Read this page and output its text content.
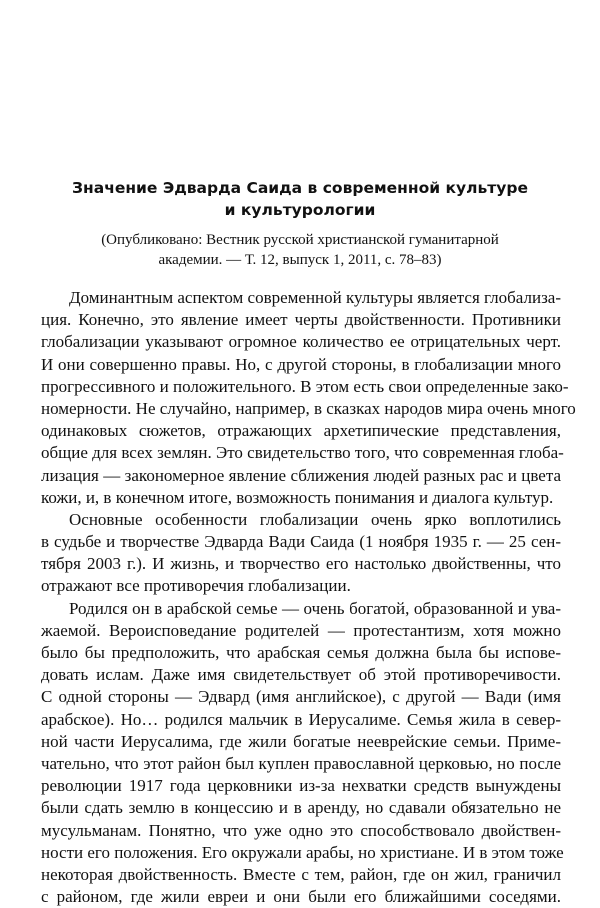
Значение Эдварда Саида в современной культуре
и культурологии

(Опубликовано: Вестник русской христианской гуманитарной
академии. — Т. 12, выпуск 1, 2011, с. 78–83)

Доминантным аспектом современной культуры является глобализа-
ция. Конечно, это явление имеет черты двойственности. Противники
глобализации указывают огромное количество ее отрицательных черт.
И они совершенно правы. Но, с другой стороны, в глобализации много
прогрессивного и положительного. В этом есть свои определенные зако-
номерности. Не случайно, например, в сказках народов мира очень много
одинаковых сюжетов, отражающих архетипические представления,
общие для всех землян. Это свидетельство того, что современная глоба-
лизация — закономерное явление сближения людей разных рас и цвета
кожи, и, в конечном итоге, возможность понимания и диалога культур.

Основные особенности глобализации очень ярко воплотились
в судьбе и творчестве Эдварда Вади Саида (1 ноября 1935 г. — 25 сен-
тября 2003 г.). И жизнь, и творчество его настолько двойственны, что
отражают все противоречия глобализации.

Родился он в арабской семье — очень богатой, образованной и ува-
жаемой. Вероисповедание родителей — протестантизм, хотя можно
было бы предположить, что арабская семья должна была бы испове-
довать ислам. Даже имя свидетельствует об этой противоречивости.
С одной стороны — Эдвард (имя английское), с другой — Вади (имя
арабское). Но… родился мальчик в Иерусалиме. Семья жила в север-
ной части Иерусалима, где жили богатые нееврейские семьи. Приме-
чательно, что этот район был куплен православной церковью, но после
революции 1917 года церковники из-за нехватки средств вынуждены
были сдать землю в концессию и в аренду, но сдавали обязательно не
мусульманам. Понятно, что уже одно это способствовало двойствен-
ности его положения. Его окружали арабы, но христиане. И в этом тоже
некоторая двойственность. Вместе с тем, район, где он жил, граничил
с районом, где жили евреи и они были его ближайшими соседями.
